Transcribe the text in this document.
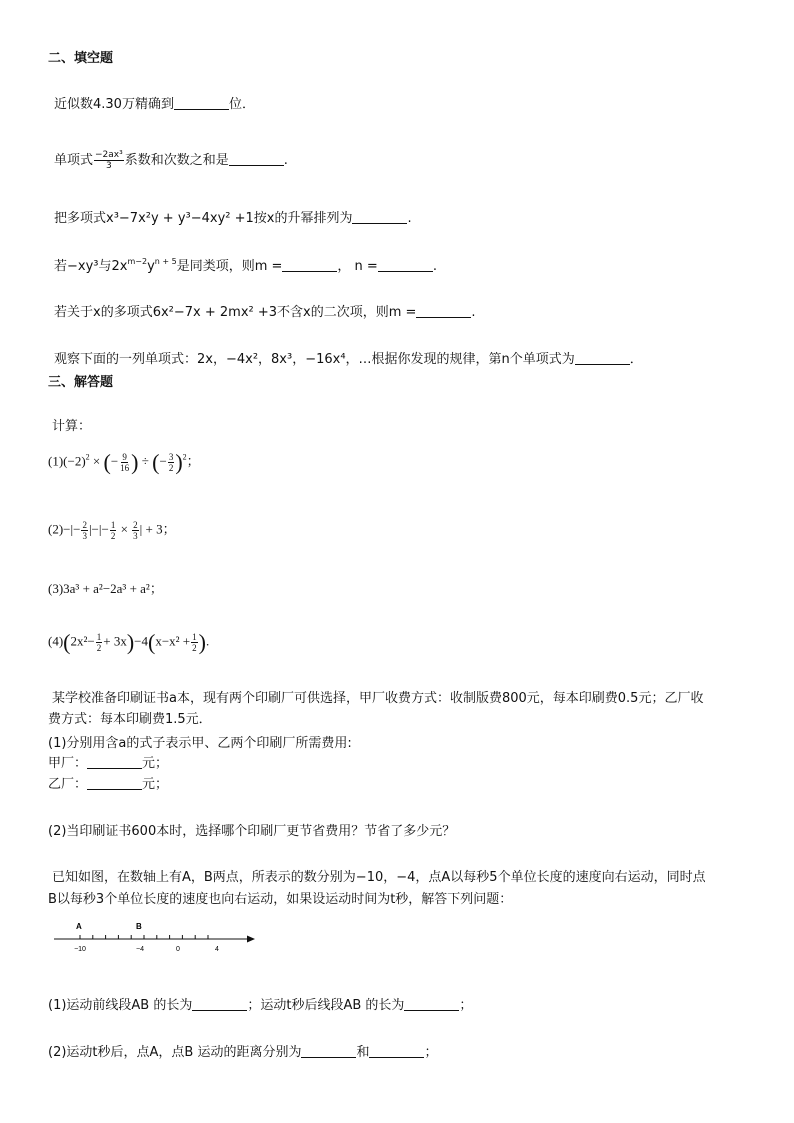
二、填空题
近似数4.30万精确到	位．
单项式 $\frac{\text{−2ax³}}{3}$ 系数和次数之和是	.
把多项式x³−7x²y + y³−4xy² +1按x的升幂排列为	.
若−xy³与$2x^{m-2}y^{n + 5}$是同类项，则m =	， n =	.
若关于x的多项式6x²−7x + 2mx² +3不含x的二次项，则m =	.
观察下面的一列单项式：2x，−4x²，8x³，−16x⁴，…根据你发现的规律，第n个单项式为	．
三、解答题
计算：
$(1)(-2)^2$ × (− $\frac{9}{16}$ ) ÷ (− $\frac{3}{2} )^2$；
$(2)-|- \frac{2}{3}$ |−|− $\frac{1}{2} \times \frac{2}{3}$ | + 3；
(3)3a³ + a²−2a³ + a²；
$(4)(2x^2- \frac{1}{2} + 3x)-4(x-x^2 + \frac{1}{2}$ ).
某学校准备印刷证书a本，现有两个印刷厂可供选择，甲厂收费方式：收制版费800元，每本印刷费0.5元；乙厂收
费方式：每本印刷费1.5元．
(1)分别用含a的式子表示甲、乙两个印刷厂所需费用:
甲厂：	元；
乙厂：	元；
(2)当印刷证书600本时，选择哪个印刷厂更节省费用？节省了多少元？
已知如图，在数轴上有A，B两点，所表示的数分别为−10，−4，点A以每秒5个单位长度的速度向右运动，同时点
B以每秒3个单位长度的速度也向右运动，如果设运动时间为t秒，解答下列问题：
A	B
−10	−4	0	4
(1)运动前线段AB 的长为	；运动t秒后线段AB 的长为	；
(2)运动t秒后，点A，点B 运动的距离分别为	和	；
